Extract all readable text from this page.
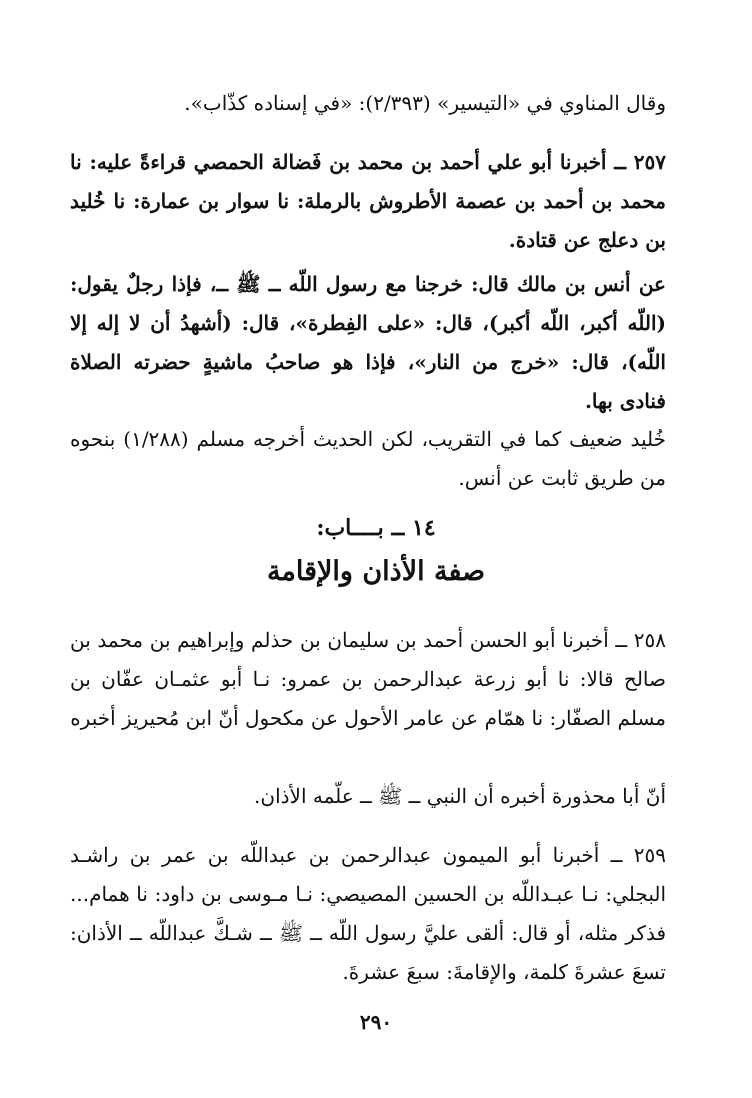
وقال المناوي في «التيسير» (٢/٣٩٣): «في إسناده كذّاب».

٢٥٧ ــ أخبرنا أبو علي أحمد بن محمد بن فَضالة الحمصي قراءةً عليه: نا محمد بن أحمد بن عصمة الأطروش بالرملة: نا سوار بن عمارة: نا خُليد بن دعلج عن قتادة.

عن أنس بن مالك قال: خرجنا مع رسول اللّه ــ ﷺ ــ، فإذا رجلٌ يقول: (اللّه أكبر، اللّه أكبر)، قال: «على الفِطرة»، قال: (أشهدُ أن لا إله إلا اللّه)، قال: «خرج من النار»، فإذا هو صاحبُ ماشيةٍ حضرته الصلاة فنادى بها.

خُليد ضعيف كما في التقريب، لكن الحديث أخرجه مسلم (١/٢٨٨) بنحوه من طريق ثابت عن أنس.

١٤ ــ بــــاب:
صفة الأذان والإقامة

٢٥٨ ــ أخبرنا أبو الحسن أحمد بن سليمان بن حذلم وإبراهيم بن محمد بن صالح قالا: نا أبو زرعة عبدالرحمن بن عمرو: نـا أبو عثمـان عفّان بن مسلم الصفّار: نا همّام عن عامر الأحول عن مكحول أنّ ابن مُحيريز أخبره

أنّ أبا محذورة أخبره أن النبي ــ ﷺ ــ علّمه الأذان.

٢٥٩ ــ أخبرنا أبو الميمون عبدالرحمن بن عبداللّه بن عمر بن راشـد البجلي: نـا عبـداللّه بن الحسين المصيصي: نـا مـوسى بن داود: نا همام... فذكر مثله، أو قال: ألقى عليَّ رسول اللّه ــ ﷺ ــ شـكَّ عبداللّه ــ الأذان: تسعَ عشرةَ كلمة، والإقامةَ: سبعَ عشرةَ.

٢٩٠
